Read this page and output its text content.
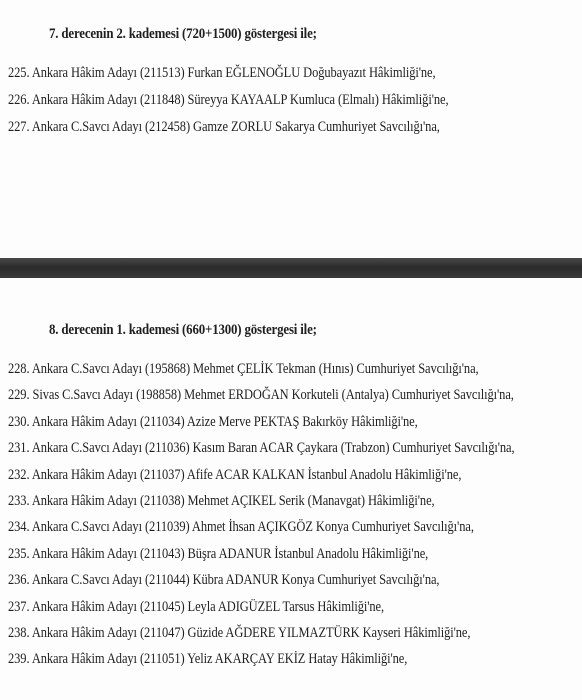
7. derecenin 2. kademesi (720+1500) göstergesi ile;
225. Ankara Hâkim Adayı (211513) Furkan EĞLENOĞLU Doğubayazıt Hâkimliği'ne,
226. Ankara Hâkim Adayı (211848) Süreyya KAYAALP Kumluca (Elmalı) Hâkimliği'ne,
227. Ankara C.Savcı Adayı (212458) Gamze ZORLU Sakarya Cumhuriyet Savcılığı'na,
8. derecenin 1. kademesi (660+1300) göstergesi ile;
228. Ankara C.Savcı Adayı (195868) Mehmet ÇELİK Tekman (Hınıs) Cumhuriyet Savcılığı'na,
229. Sivas C.Savcı Adayı (198858) Mehmet ERDOĞAN Korkuteli (Antalya) Cumhuriyet Savcılığı'na,
230. Ankara Hâkim Adayı (211034) Azize Merve PEKTAŞ Bakırköy Hâkimliği'ne,
231. Ankara C.Savcı Adayı (211036) Kasım Baran ACAR Çaykara (Trabzon) Cumhuriyet Savcılığı'na,
232. Ankara Hâkim Adayı (211037) Afife ACAR KALKAN İstanbul Anadolu Hâkimliği'ne,
233. Ankara Hâkim Adayı (211038) Mehmet AÇIKEL Serik (Manavgat) Hâkimliği'ne,
234. Ankara C.Savcı Adayı (211039) Ahmet İhsan AÇIKGÖZ Konya Cumhuriyet Savcılığı'na,
235. Ankara Hâkim Adayı (211043) Büşra ADANUR İstanbul Anadolu Hâkimliği'ne,
236. Ankara C.Savcı Adayı (211044) Kübra ADANUR Konya Cumhuriyet Savcılığı'na,
237. Ankara Hâkim Adayı (211045) Leyla ADIGÜZEL Tarsus Hâkimliği'ne,
238. Ankara Hâkim Adayı (211047) Güzide AĞDERE YILMAZTÜRK Kayseri Hâkimliği'ne,
239. Ankara Hâkim Adayı (211051) Yeliz AKARÇAY EKİZ Hatay Hâkimliği'ne,
